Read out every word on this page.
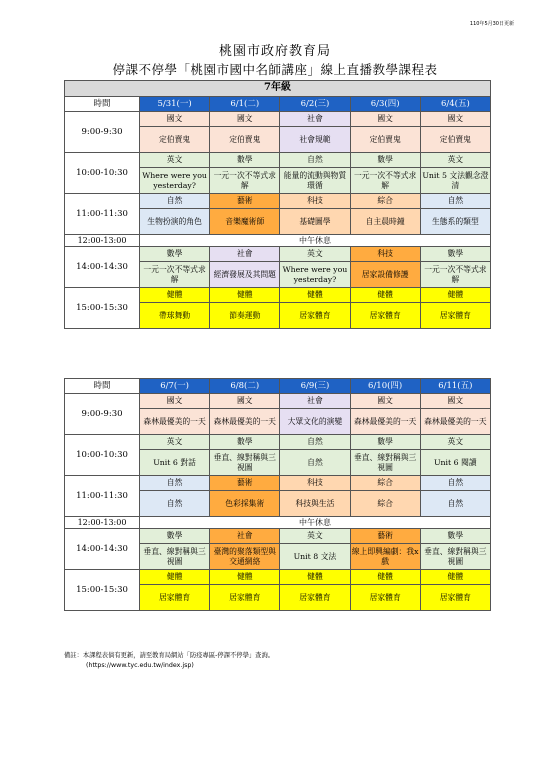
110年5月30日更新
桃園市政府教育局
停課不停學「桃園市國中名師講座」線上直播教學課程表
7年級					
時間	5/31(一)	6/1(二)	6/2(三)	6/3(四)	6/4(五)
9:00-9:30	國文	國文	社會	國文	國文
	定伯賣鬼	定伯賣鬼	社會規範	定伯賣鬼	定伯賣鬼
10:00-10:30	英文	數學	自然	數學	英文
	Where were you yesterday?	一元一次不等式求解	能量的流動與物質環循	一元一次不等式求解	Unit 5 文法觀念澄清
11:00-11:30	自然	藝術	科技	綜合	自然
	生物扮演的角色	音樂魔術師	基礎圖學	自主晨時鐘	生態系的類型
12:00-13:00	中午休息				
14:00-14:30	數學	社會	英文	科技	數學
	一元一次不等式求解	經濟發展及其問題	Where were you yesterday?	居家設備修護	一元一次不等式求解
15:00-15:30	健體	健體	健體	健體	健體
	帶球舞動	節奏運動	居家體育	居家體育	居家體育
時間	6/7(一)	6/8(二)	6/9(三)	6/10(四)	6/11(五)
9:00-9:30	國文	國文	社會	國文	國文
	森林最優美的一天	森林最優美的一天	大眾文化的演變	森林最優美的一天	森林最優美的一天
10:00-10:30	英文	數學	自然	數學	英文
	Unit 6 對話	垂直、線對稱與三視圖	自然	垂直、線對稱與三視圖	Unit 6 閱讀
11:00-11:30	自然	藝術	科技	綜合	自然
	自然	色彩採集術	科技與生活	綜合	自然
12:00-13:00	中午休息				
14:00-14:30	數學	社會	英文	藝術	數學
	垂直、線對稱與三視圖	臺灣的聚落類型與交通網絡	Unit 8 文法	線上即興編劇：我x戲	垂直、線對稱與三視圖
15:00-15:30	健體	健體	健體	健體	健體
	居家體育	居家體育	居家體育	居家體育	居家體育
備註：本課程表倘有更新，請至教育局網站「防疫專區-停課不停學」查詢。
(https://www.tyc.edu.tw/index.jsp)
